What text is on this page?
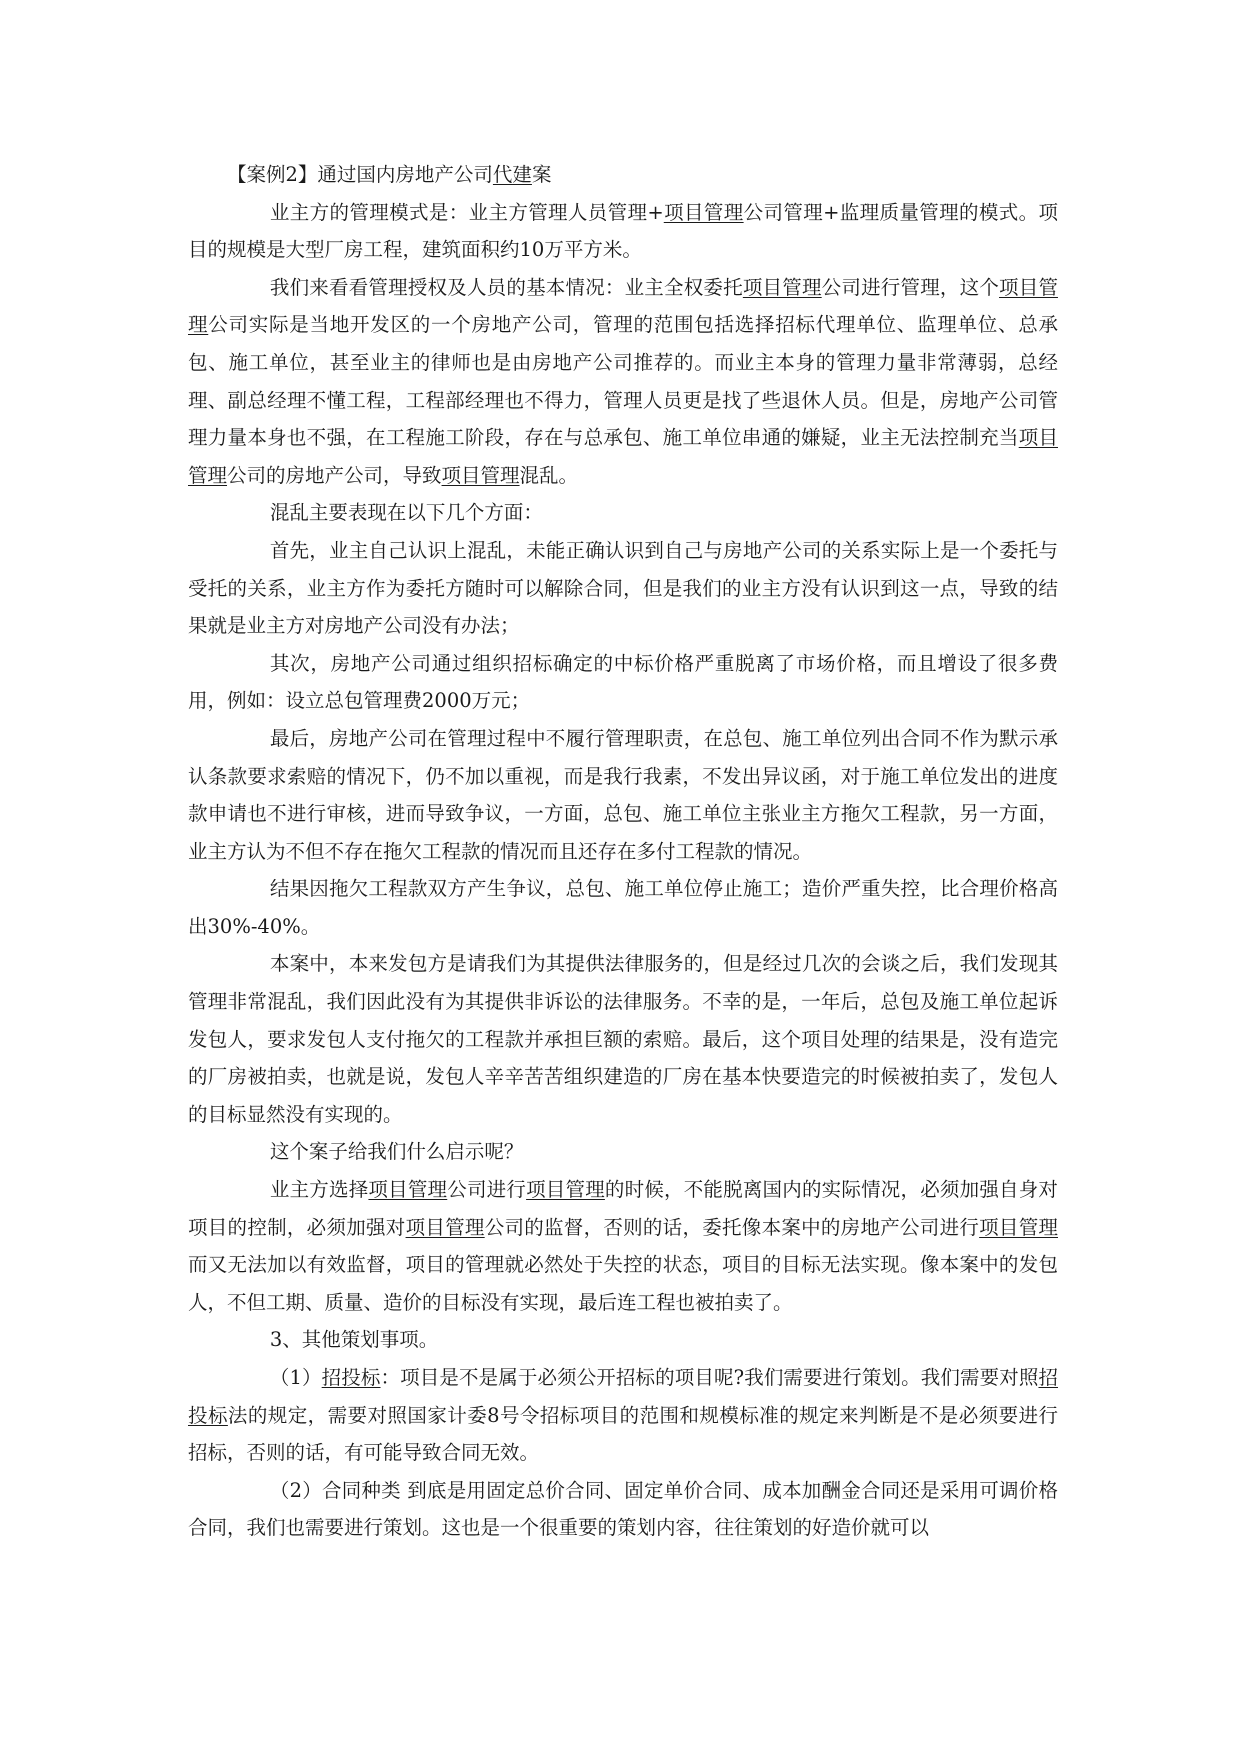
【案例2】通过国内房地产公司代建案

业主方的管理模式是：业主方管理人员管理+项目管理公司管理+监理质量管理的模式。项目的规模是大型厂房工程，建筑面积约10万平方米。

我们来看看管理授权及人员的基本情况：业主全权委托项目管理公司进行管理，这个项目管理公司实际是当地开发区的一个房地产公司，管理的范围包括选择招标代理单位、监理单位、总承包、施工单位，甚至业主的律师也是由房地产公司推荐的。而业主本身的管理力量非常薄弱，总经理、副总经理不懂工程，工程部经理也不得力，管理人员更是找了些退休人员。但是，房地产公司管理力量本身也不强，在工程施工阶段，存在与总承包、施工单位串通的嫌疑，业主无法控制充当项目管理公司的房地产公司，导致项目管理混乱。

混乱主要表现在以下几个方面：

首先，业主自己认识上混乱，未能正确认识到自己与房地产公司的关系实际上是一个委托与受托的关系，业主方作为委托方随时可以解除合同，但是我们的业主方没有认识到这一点，导致的结果就是业主方对房地产公司没有办法；

其次，房地产公司通过组织招标确定的中标价格严重脱离了市场价格，而且增设了很多费用，例如：设立总包管理费2000万元；

最后，房地产公司在管理过程中不履行管理职责，在总包、施工单位列出合同不作为默示承认条款要求索赔的情况下，仍不加以重视，而是我行我素，不发出异议函，对于施工单位发出的进度款申请也不进行审核，进而导致争议，一方面，总包、施工单位主张业主方拖欠工程款，另一方面，业主方认为不但不存在拖欠工程款的情况而且还存在多付工程款的情况。

结果因拖欠工程款双方产生争议，总包、施工单位停止施工；造价严重失控，比合理价格高出30%-40%。

本案中，本来发包方是请我们为其提供法律服务的，但是经过几次的会谈之后，我们发现其管理非常混乱，我们因此没有为其提供非诉讼的法律服务。不幸的是，一年后，总包及施工单位起诉发包人，要求发包人支付拖欠的工程款并承担巨额的索赔。最后，这个项目处理的结果是，没有造完的厂房被拍卖，也就是说，发包人辛辛苦苦组织建造的厂房在基本快要造完的时候被拍卖了，发包人的目标显然没有实现的。

这个案子给我们什么启示呢？

业主方选择项目管理公司进行项目管理的时候，不能脱离国内的实际情况，必须加强自身对项目的控制，必须加强对项目管理公司的监督，否则的话，委托像本案中的房地产公司进行项目管理而又无法加以有效监督，项目的管理就必然处于失控的状态，项目的目标无法实现。像本案中的发包人，不但工期、质量、造价的目标没有实现，最后连工程也被拍卖了。

3、其他策划事项。

（1）招投标：项目是不是属于必须公开招标的项目呢?我们需要进行策划。我们需要对照招投标法的规定，需要对照国家计委8号令招标项目的范围和规模标准的规定来判断是不是必须要进行招标，否则的话，有可能导致合同无效。

（2）合同种类 到底是用固定总价合同、固定单价合同、成本加酬金合同还是采用可调价格合同，我们也需要进行策划。这也是一个很重要的策划内容，往往策划的好造价就可以
